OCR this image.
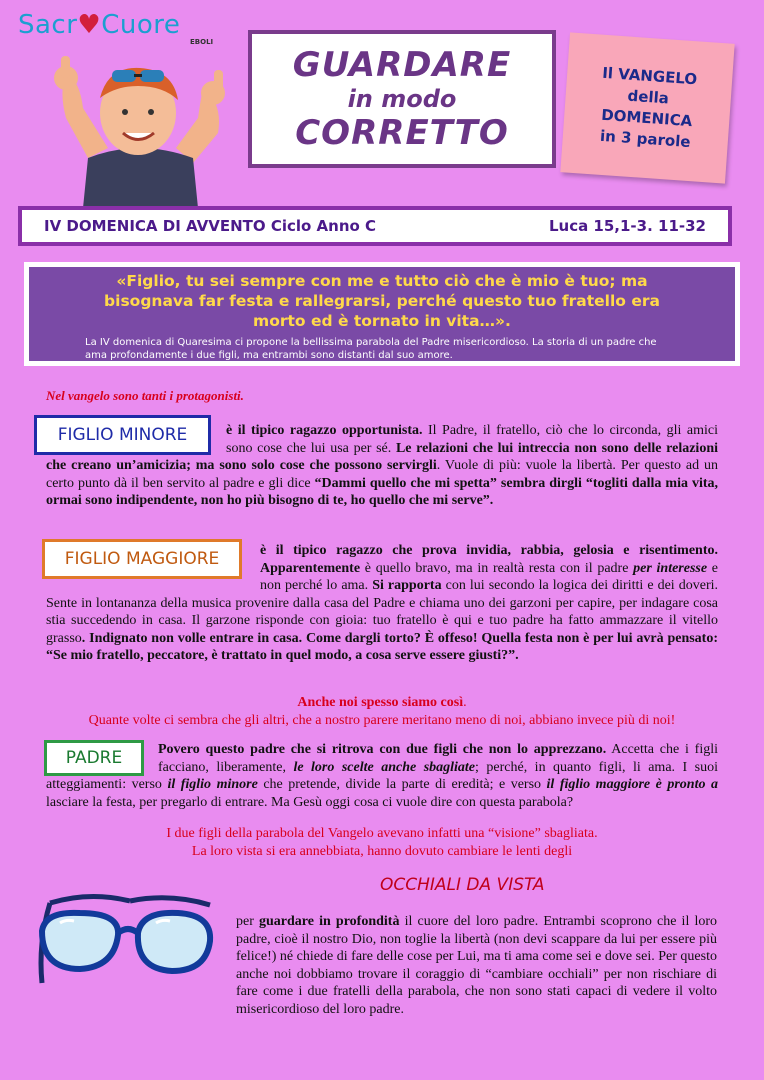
Sacr♥Cuore
EBOLI
GUARDARE
in modo
CORRETTO
Il VANGELO
della
DOMENICA
in 3 parole
IV DOMENICA DI AVVENTO Ciclo Anno C	Luca 15,1-3. 11-32
«Figlio, tu sei sempre con me e tutto ciò che è mio è tuo; ma bisognava far festa e rallegrarsi, perché questo tuo fratello era morto ed è tornato in vita…».
La IV domenica di Quaresima ci propone la bellissima parabola del Padre misericordioso. La storia di un padre che ama profondamente i due figli, ma entrambi sono distanti dal suo amore.
Nel vangelo sono tanti i protagonisti.
FIGLIO MINORE	è il tipico ragazzo opportunista. Il Padre, il fratello, ciò che lo circonda, gli amici sono cose che lui usa per sé. Le relazioni che lui intreccia non sono delle relazioni che creano un’amicizia; ma sono solo cose che possono servirgli. Vuole di più: vuole la libertà. Per questo ad un certo punto dà il ben servito al padre e gli dice “Dammi quello che mi spetta” sembra dirgli “togliti dalla mia vita, ormai sono indipendente, non ho più bisogno di te, ho quello che mi serve”.
FIGLIO MAGGIORE	è il tipico ragazzo che prova invidia, rabbia, gelosia e risentimento. Apparentemente è quello bravo, ma in realtà resta con il padre per interesse e non perché lo ama. Si rapporta con lui secondo la logica dei diritti e dei doveri. Sente in lontananza della musica provenire dalla casa del Padre e chiama uno dei garzoni per capire, per indagare cosa stia succedendo in casa. Il garzone risponde con gioia: tuo fratello è qui e tuo padre ha fatto ammazzare il vitello grasso. Indignato non volle entrare in casa. Come dargli torto? È offeso! Quella festa non è per lui avrà pensato: “Se mio fratello, peccatore, è trattato in quel modo, a cosa serve essere giusti?”.
Anche noi spesso siamo così.
Quante volte ci sembra che gli altri, che a nostro parere meritano meno di noi, abbiano invece più di noi!
PADRE	Povero questo padre che si ritrova con due figli che non lo apprezzano. Accetta che i figli facciano, liberamente, le loro scelte anche sbagliate; perché, in quanto figli, li ama. I suoi atteggiamenti: verso il figlio minore che pretende, divide la parte di eredità; e verso il figlio maggiore è pronto a lasciare la festa, per pregarlo di entrare. Ma Gesù oggi cosa ci vuole dire con questa parabola?
I due figli della parabola del Vangelo avevano infatti una “visione” sbagliata.
La loro vista si era annebbiata, hanno dovuto cambiare le lenti degli
OCCHIALI DA VISTA
per guardare in profondità il cuore del loro padre. Entrambi scoprono che il loro padre, cioè il nostro Dio, non toglie la libertà (non devi scappare da lui per essere più felice!) né chiede di fare delle cose per Lui, ma ti ama come sei e dove sei. Per questo anche noi dobbiamo trovare il coraggio di “cambiare occhiali” per non rischiare di fare come i due fratelli della parabola, che non sono stati capaci di vedere il volto misericordioso del loro padre.
